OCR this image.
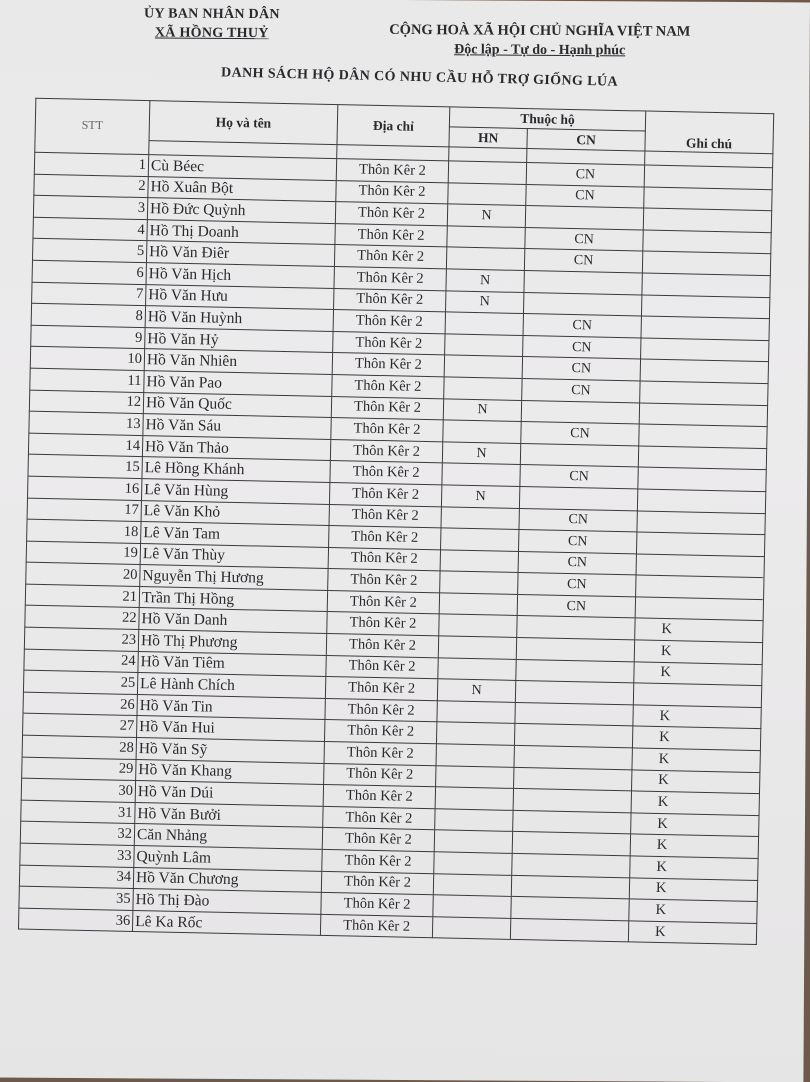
ỦY BAN NHÂN DÂN
XÃ HỒNG THUỶ	CỘNG HOÀ XÃ HỘI CHỦ NGHĨA VIỆT NAM
Độc lập - Tự do - Hạnh phúc
DANH SÁCH HỘ DÂN CÓ NHU CẦU HỖ TRỢ GIỐNG LÚA
STT	Họ và tên	Địa chỉ	Thuộc hộ		Ghi chú
			HN	CN	

1	Cù Béec	Thôn Kêr 2		CN	
2	Hồ Xuân Bột	Thôn Kêr 2		CN	
3	Hồ Đức Quỳnh	Thôn Kêr 2	N		
4	Hồ Thị Doanh	Thôn Kêr 2		CN	
5	Hồ Văn Điêr	Thôn Kêr 2		CN	
6	Hồ Văn Hịch	Thôn Kêr 2	N		
7	Hồ Văn Hưu	Thôn Kêr 2	N		
8	Hồ Văn Huỳnh	Thôn Kêr 2		CN	
9	Hồ Văn Hỷ	Thôn Kêr 2		CN	
10	Hồ Văn Nhiên	Thôn Kêr 2		CN	
11	Hồ Văn Pao	Thôn Kêr 2		CN	
12	Hồ Văn Quốc	Thôn Kêr 2	N		
13	Hồ Văn Sáu	Thôn Kêr 2		CN	
14	Hồ Văn Thảo	Thôn Kêr 2	N		
15	Lê Hồng Khánh	Thôn Kêr 2		CN	
16	Lê Văn Hùng	Thôn Kêr 2	N		
17	Lê Văn Khỏ	Thôn Kêr 2		CN	
18	Lê Văn Tam	Thôn Kêr 2		CN	
19	Lê Văn Thùy	Thôn Kêr 2		CN	
20	Nguyễn Thị Hương	Thôn Kêr 2		CN	
21	Trần Thị Hồng	Thôn Kêr 2		CN	
22	Hồ Văn Danh	Thôn Kêr 2			K
23	Hồ Thị Phương	Thôn Kêr 2			K
24	Hồ Văn Tiêm	Thôn Kêr 2			K
25	Lê Hành Chích	Thôn Kêr 2	N		
26	Hồ Văn Tin	Thôn Kêr 2			K
27	Hồ Văn Hui	Thôn Kêr 2			K
28	Hồ Văn Sỹ	Thôn Kêr 2			K
29	Hồ Văn Khang	Thôn Kêr 2			K
30	Hồ Văn Dúi	Thôn Kêr 2			K
31	Hồ Văn Bưởi	Thôn Kêr 2			K
32	Căn Nhảng	Thôn Kêr 2			K
33	Quỳnh Lâm	Thôn Kêr 2			K
34	Hồ Văn Chương	Thôn Kêr 2			K
35	Hồ Thị Đào	Thôn Kêr 2			K
36	Lê Ka Rốc	Thôn Kêr 2			K
